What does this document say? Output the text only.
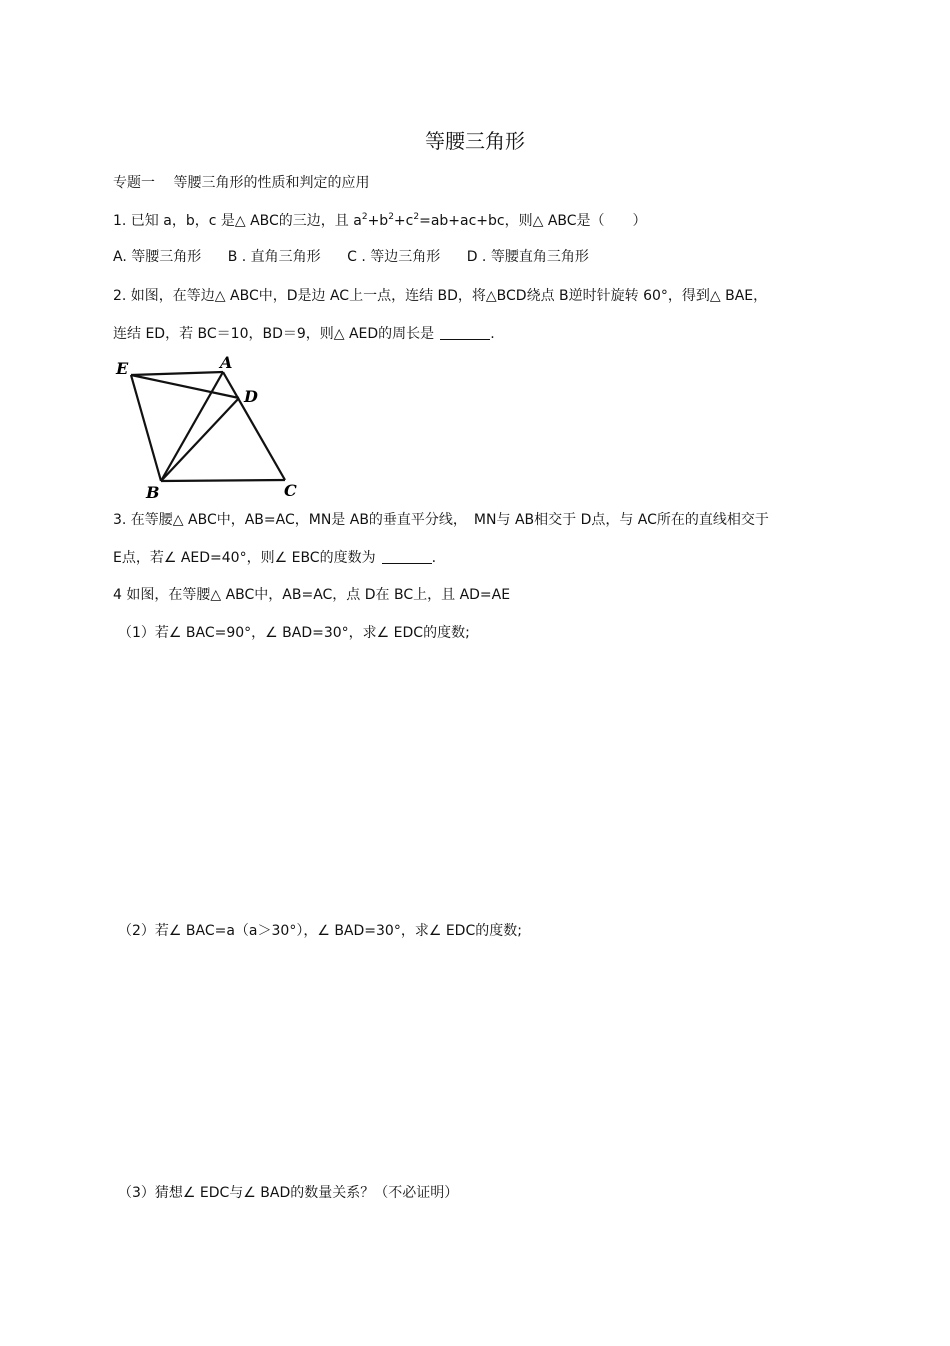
等腰三角形
专题一　 等腰三角形的性质和判定的应用
1. 已知 a，b，c 是△ ABC的三边，且 $a^2+b^2+c^2=ab+ac+bc$，则△ ABC是（　　）
A. 等腰三角形 B . 直角三角形 C . 等边三角形 D . 等腰直角三角形
2. 如图，在等边△ ABC中，D是边 AC上一点，连结 BD，将△BCD绕点 B逆时针旋转 60°，得到△ BAE，
连结 ED，若 BC＝10，BD＝9，则△ AED的周长是	.
E	A
D
B	C
3. 在等腰△ ABC中，AB=AC，MN是 AB的垂直平分线，　MN与 AB相交于 D点，与 AC所在的直线相交于
E点，若∠ AED=40°，则∠ EBC的度数为	.
4 如图，在等腰△ ABC中，AB=AC，点 D在 BC上，且 AD=AE
（1）若∠ BAC=90°，∠ BAD=30°，求∠ EDC的度数;
（2）若∠ BAC=a（a＞30°），∠ BAD=30°，求∠ EDC的度数;
（3）猜想∠ EDC与∠ BAD的数量关系？（不必证明）
